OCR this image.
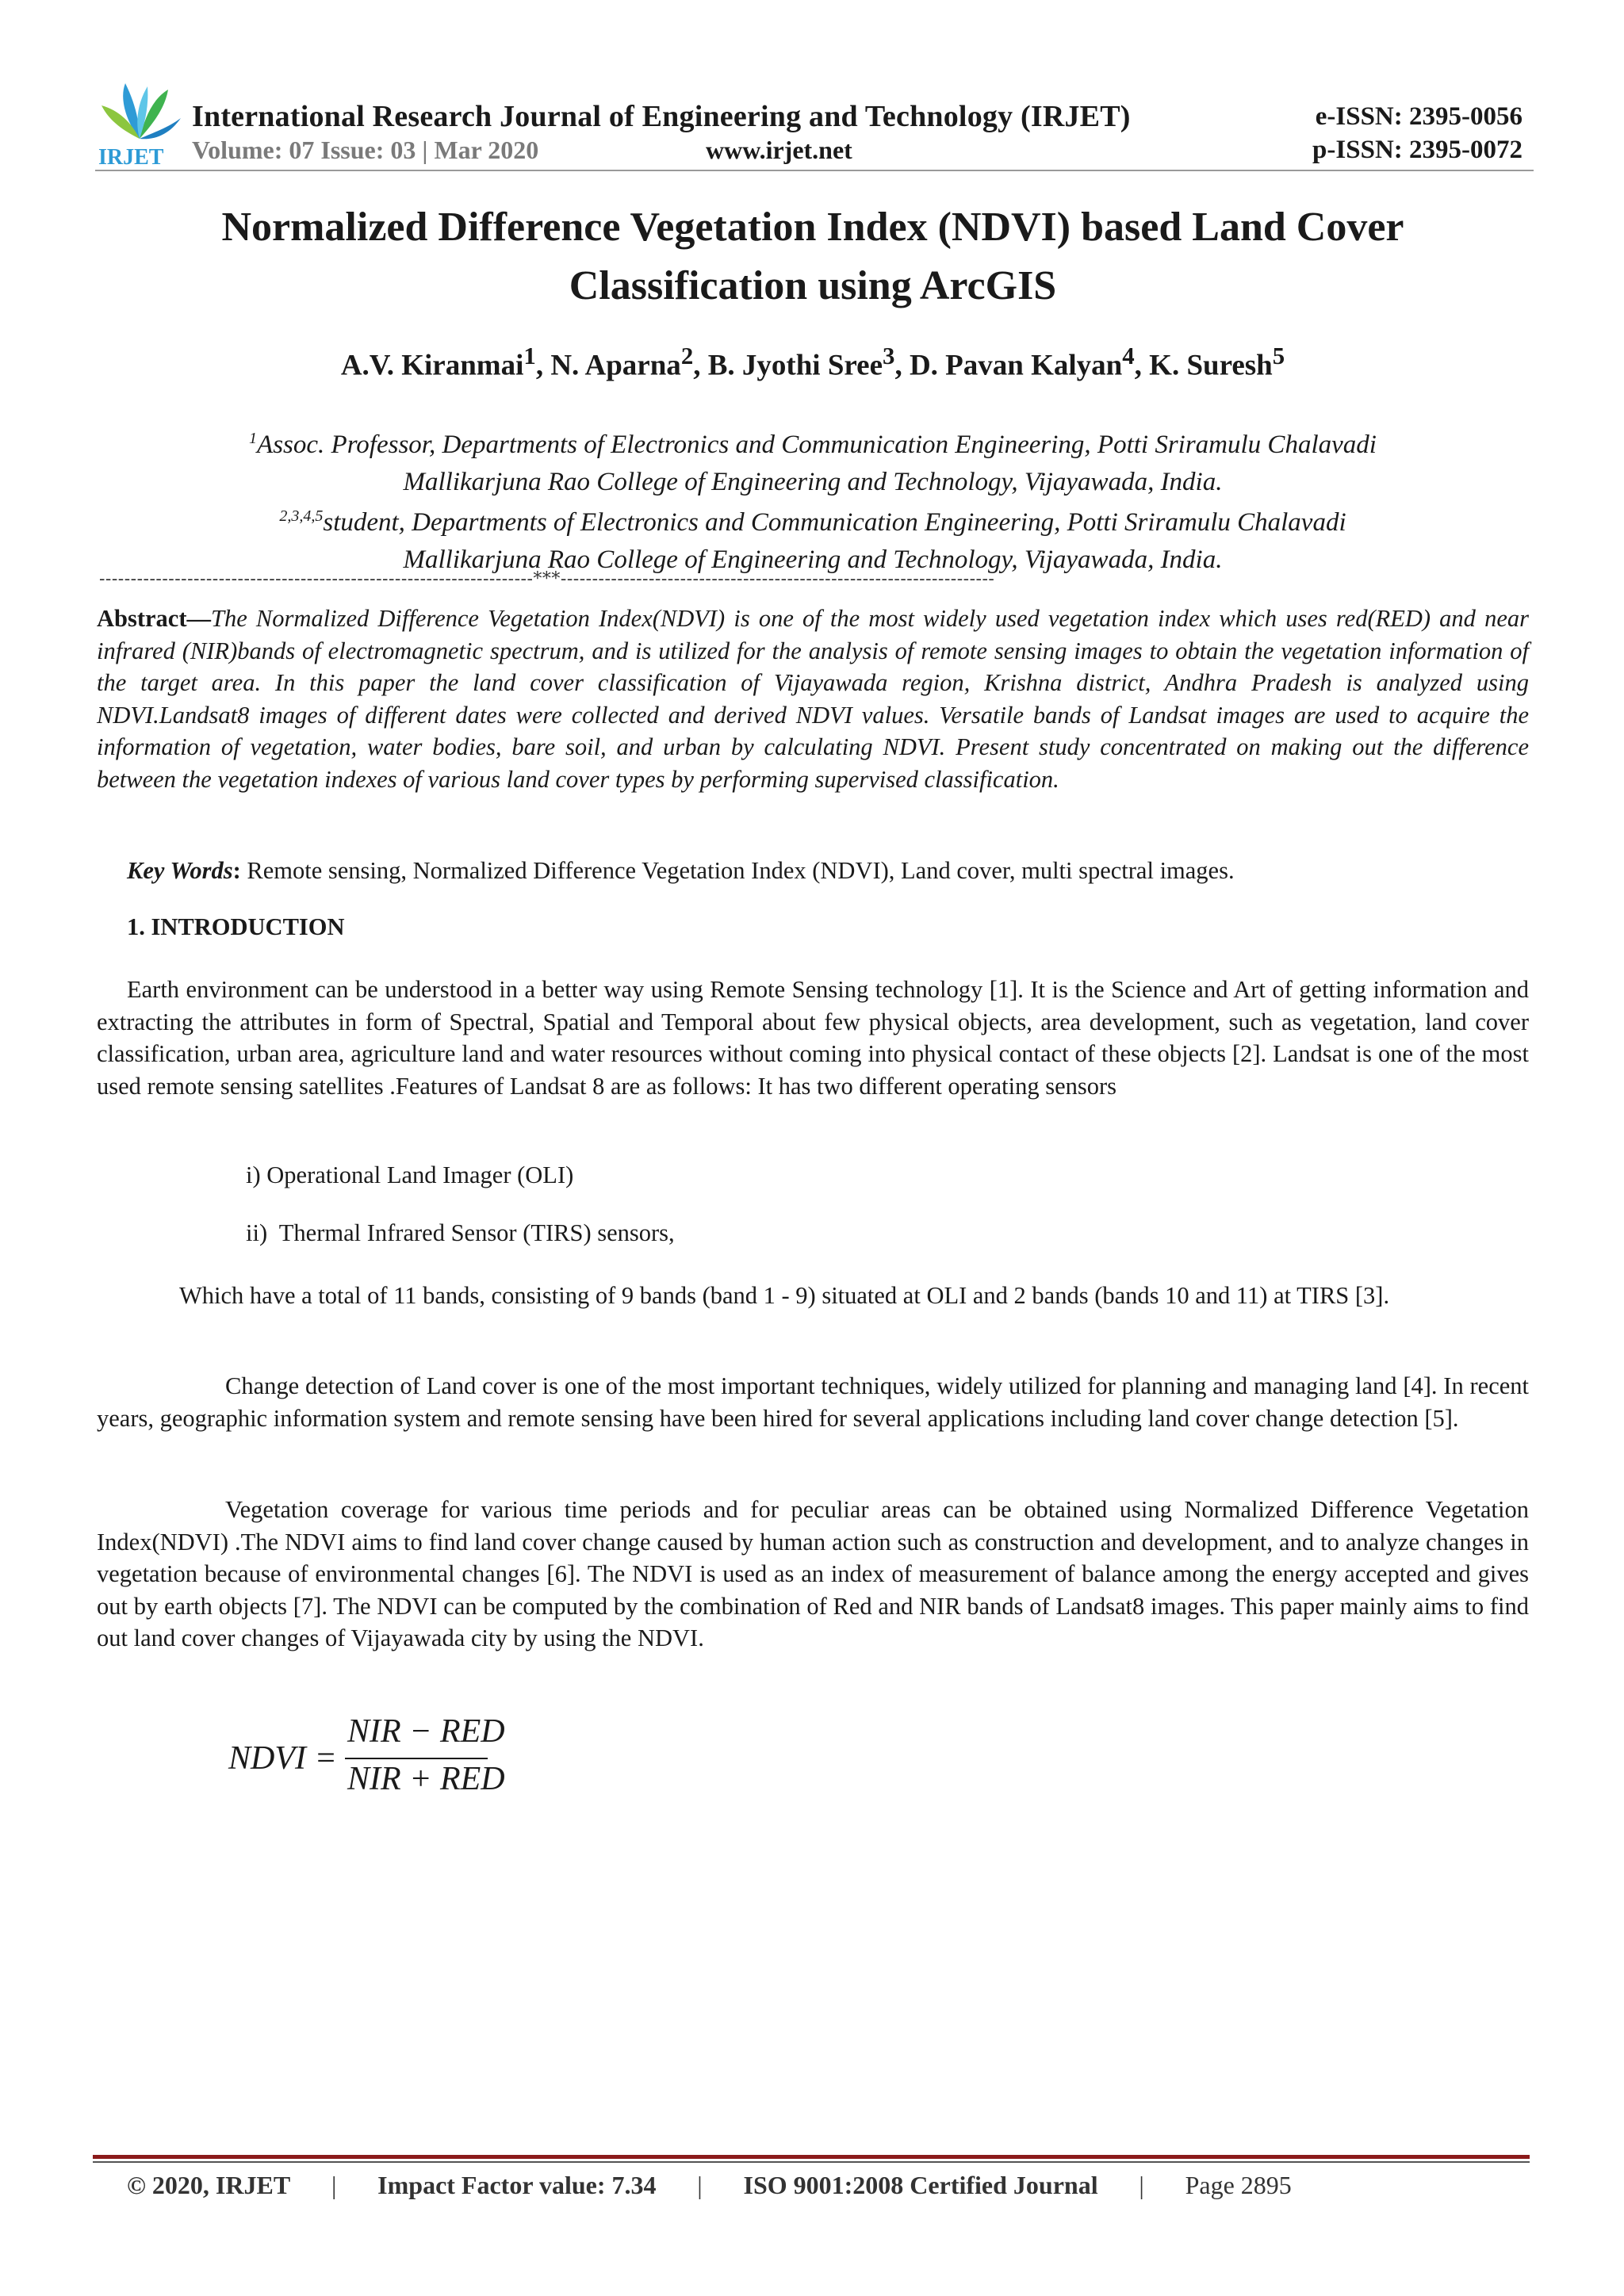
IRJET
International Research Journal of Engineering and Technology (IRJET)	e-ISSN: 2395-0056
Volume: 07 Issue: 03 | Mar 2020	www.irjet.net	p-ISSN: 2395-0072
Normalized Difference Vegetation Index (NDVI) based Land Cover
Classification using ArcGIS
A.V. Kiranmai$^1$, N. Aparna$^2$, B. Jyothi Sree$^3$, D. Pavan Kalyan$^4$, K. Suresh$^5$
$^1$Assoc. Professor, Departments of Electronics and Communication Engineering, Potti Sriramulu Chalavadi
Mallikarjuna Rao College of Engineering and Technology, Vijayawada, India.
$^{2,3,4,5}$student, Departments of Electronics and Communication Engineering, Potti Sriramulu Chalavadi
Mallikarjuna Rao College of Engineering and Technology, Vijayawada, India.
---------------------------------------------------------------------***---------------------------------------------------------------------
Abstract—The Normalized Difference Vegetation Index(NDVI) is one of the most widely used vegetation index which uses red(RED) and near infrared (NIR)bands of electromagnetic spectrum, and is utilized for the analysis of remote sensing images to obtain the vegetation information of the target area. In this paper the land cover classification of Vijayawada region, Krishna district, Andhra Pradesh is analyzed using NDVI.Landsat8 images of different dates were collected and derived NDVI values. Versatile bands of Landsat images are used to acquire the information of vegetation, water bodies, bare soil, and urban by calculating NDVI. Present study concentrated on making out the difference between the vegetation indexes of various land cover types by performing supervised classification.
Key Words: Remote sensing, Normalized Difference Vegetation Index (NDVI), Land cover, multi spectral images.
1. INTRODUCTION
Earth environment can be understood in a better way using Remote Sensing technology [1]. It is the Science and Art of getting information and extracting the attributes in form of Spectral, Spatial and Temporal about few physical objects, area development, such as vegetation, land cover classification, urban area, agriculture land and water resources without coming into physical contact of these objects [2]. Landsat is one of the most used remote sensing satellites .Features of Landsat 8 are as follows: It has two different operating sensors
i) Operational Land Imager (OLI)
ii)  Thermal Infrared Sensor (TIRS) sensors,
Which have a total of 11 bands, consisting of 9 bands (band 1 - 9) situated at OLI and 2 bands (bands 10 and 11) at TIRS [3].
Change detection of Land cover is one of the most important techniques, widely utilized for planning and managing land [4]. In recent years, geographic information system and remote sensing have been hired for several applications including land cover change detection [5].
Vegetation coverage for various time periods and for peculiar areas can be obtained using Normalized Difference Vegetation Index(NDVI) .The NDVI aims to find land cover change caused by human action such as construction and development, and to analyze changes in vegetation because of environmental changes [6]. The NDVI is used as an index of measurement of balance among the energy accepted and gives out by earth objects [7]. The NDVI can be computed by the combination of Red and NIR bands of Landsat8 images. This paper mainly aims to find out land cover changes of Vijayawada city by using the NDVI.
NDVI =
NIR − RED
NIR + RED
© 2020, IRJET | Impact Factor value: 7.34 | ISO 9001:2008 Certified Journal | Page 2895
